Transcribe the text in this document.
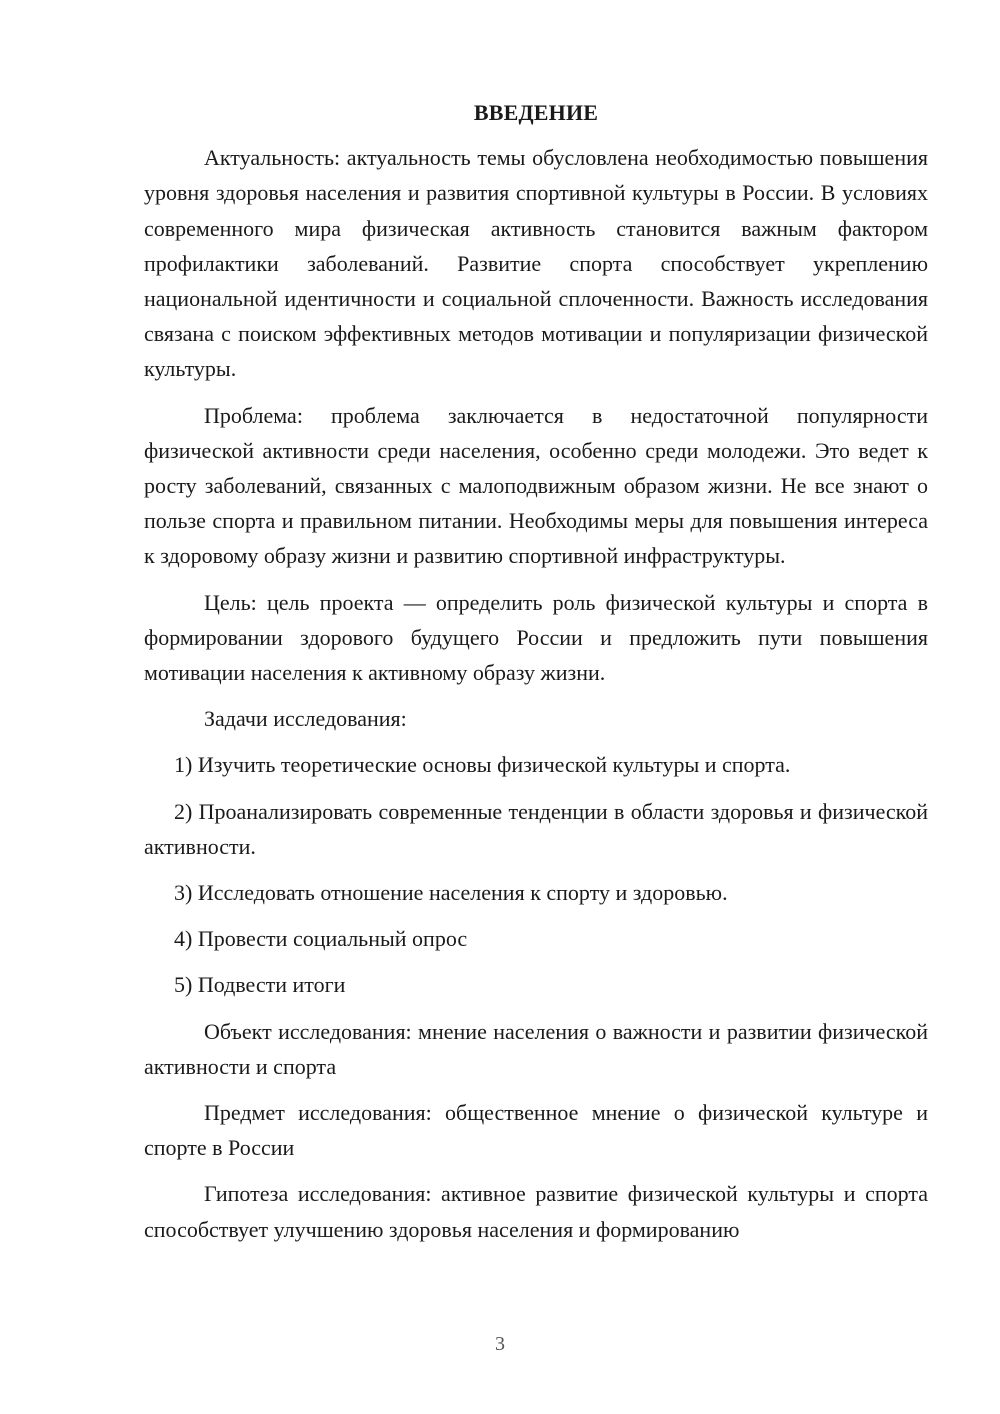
ВВЕДЕНИЕ

Актуальность: актуальность темы обусловлена необходимостью повышения уровня здоровья населения и развития спортивной культуры в России. В условиях современного мира физическая активность становится важным фактором профилактики заболеваний. Развитие спорта способствует укреплению национальной идентичности и социальной сплоченности. Важность исследования связана с поиском эффективных методов мотивации и популяризации физической культуры.

Проблема: проблема заключается в недостаточной популярности физической активности среди населения, особенно среди молодежи. Это ведет к росту заболеваний, связанных с малоподвижным образом жизни. Не все знают о пользе спорта и правильном питании. Необходимы меры для повышения интереса к здоровому образу жизни и развитию спортивной инфраструктуры.

Цель: цель проекта — определить роль физической культуры и спорта в формировании здорового будущего России и предложить пути повышения мотивации населения к активному образу жизни.

Задачи исследования:

1) Изучить теоретические основы физической культуры и спорта.

2) Проанализировать современные тенденции в области здоровья и физической активности.

3) Исследовать отношение населения к спорту и здоровью.

4) Провести социальный опрос

5) Подвести итоги

Объект исследования: мнение населения о важности и развитии физической активности и спорта

Предмет исследования: общественное мнение о физической культуре и спорте в России

Гипотеза исследования: активное развитие физической культуры и спорта способствует улучшению здоровья населения и формированию

3
